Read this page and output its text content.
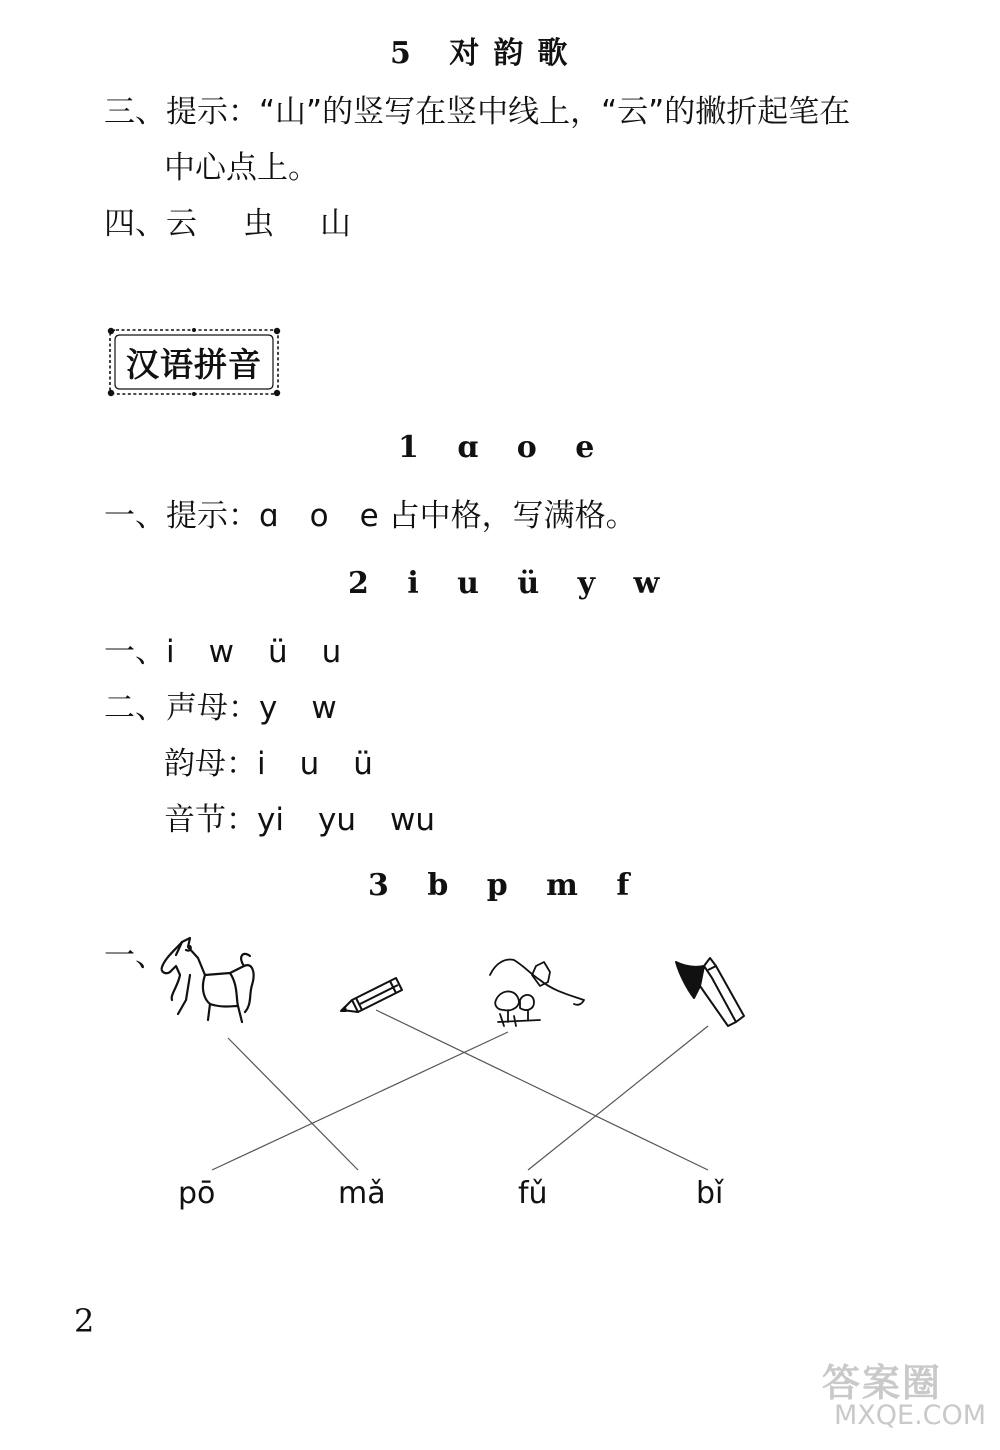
5 对韵歌
三、提示：“山”的竖写在竖中线上，“云”的撇折起笔在
中心点上。
四、云 虫 山
汉语拼音
1 ɑ o e
一、提示：ɑ　o　e 占中格，写满格。
2 i u ü y w
一、i w ü u
二、声母：y w
韵母：i u ü
音节：yi yu wu
3 b p m f
一、
pō	mǎ	fǔ	bǐ
2
答案圈
MXQE.COM
